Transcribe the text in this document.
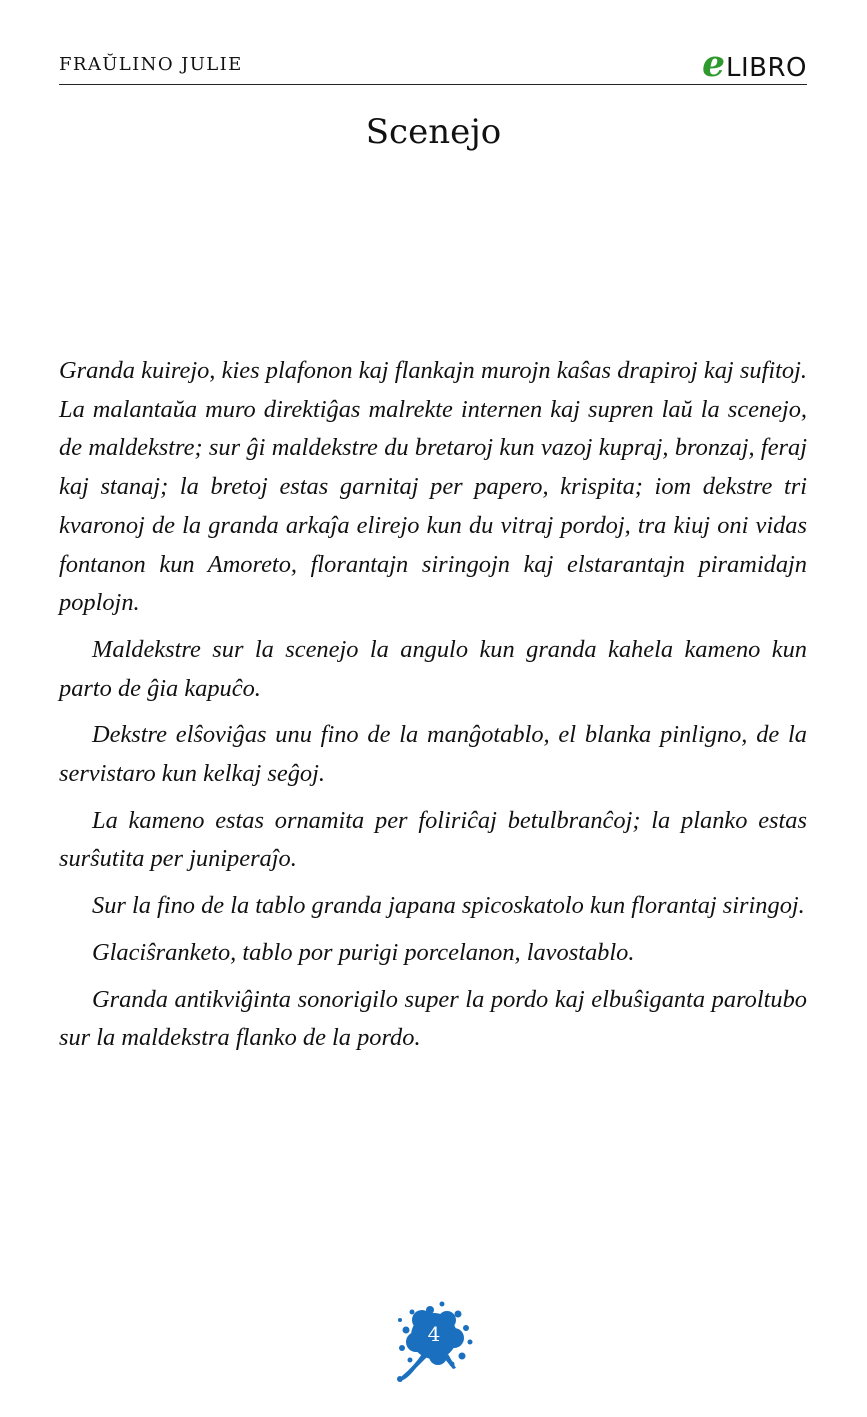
FRAŬLINO JULIE	e LIBRO
Scenejo

Granda kuirejo, kies plafonon kaj flankajn murojn kaŝas drapiroj kaj sufitoj. La malantaŭa muro direktiĝas malrekte internen kaj supren laŭ la scenejo, de maldekstre; sur ĝi maldekstre du bretaroj kun vazoj kupraj, bronzaj, feraj kaj stanaj; la bretoj estas garnitaj per papero, krispita; iom dekstre tri kvaronoj de la granda arkaĵa elirejo kun du vitraj pordoj, tra kiuj oni vidas fontanon kun Amoreto, florantajn siringojn kaj elstarantajn piramidajn poplojn.

Maldekstre sur la scenejo la angulo kun granda kahela kameno kun parto de ĝia kapuĉo.

Dekstre elŝoviĝas unu fino de la manĝotablo, el blanka pinligno, de la servistaro kun kelkaj seĝoj.

La kameno estas ornamita per foliriĉaj betulbranĉoj; la planko estas surŝutita per juniperaĵo.

Sur la fino de la tablo granda japana spicoskatolo kun florantaj siringoj.

Glaciŝranketo, tablo por purigi porcelanon, lavostablo.

Granda antikviĝinta sonorigilo super la pordo kaj elbuŝiganta paroltubo sur la maldekstra flanko de la pordo.

4
